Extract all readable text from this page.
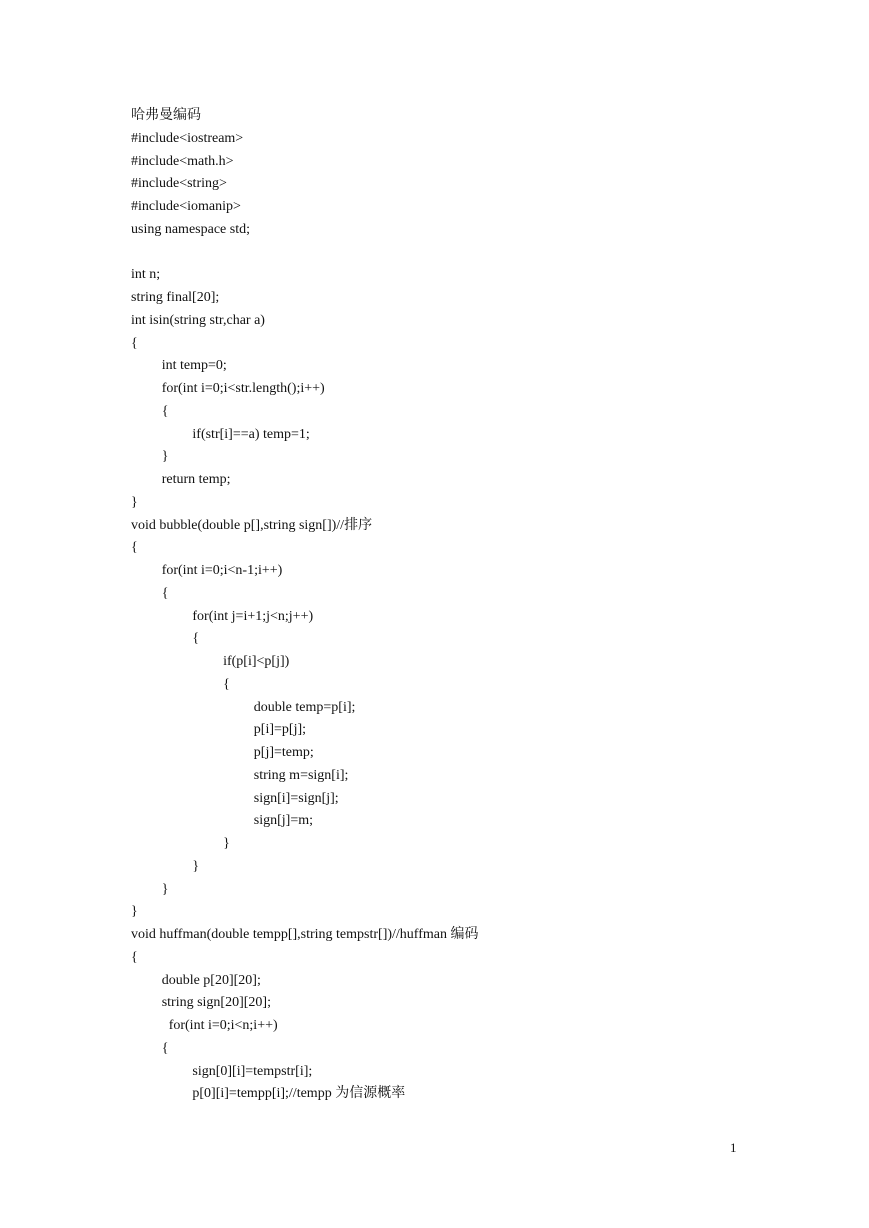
哈弗曼编码
#include<iostream>
#include<math.h>
#include<string>
#include<iomanip>
using namespace std;
int n;
string final[20];
int isin(string str,char a)
{
int temp=0;
for(int i=0;i<str.length();i++)
{
if(str[i]==a) temp=1;
}
return temp;
}
void bubble(double p[],string sign[])//排序
{
for(int i=0;i<n-1;i++)
{
for(int j=i+1;j<n;j++)
{
if(p[i]<p[j])
{
double temp=p[i];
p[i]=p[j];
p[j]=temp;
string m=sign[i];
sign[i]=sign[j];
sign[j]=m;
}
}
}
}
void huffman(double tempp[],string tempstr[])//huffman 编码
{
double p[20][20];
string sign[20][20];
for(int i=0;i<n;i++)
{
sign[0][i]=tempstr[i];
p[0][i]=tempp[i];//tempp 为信源概率
1
